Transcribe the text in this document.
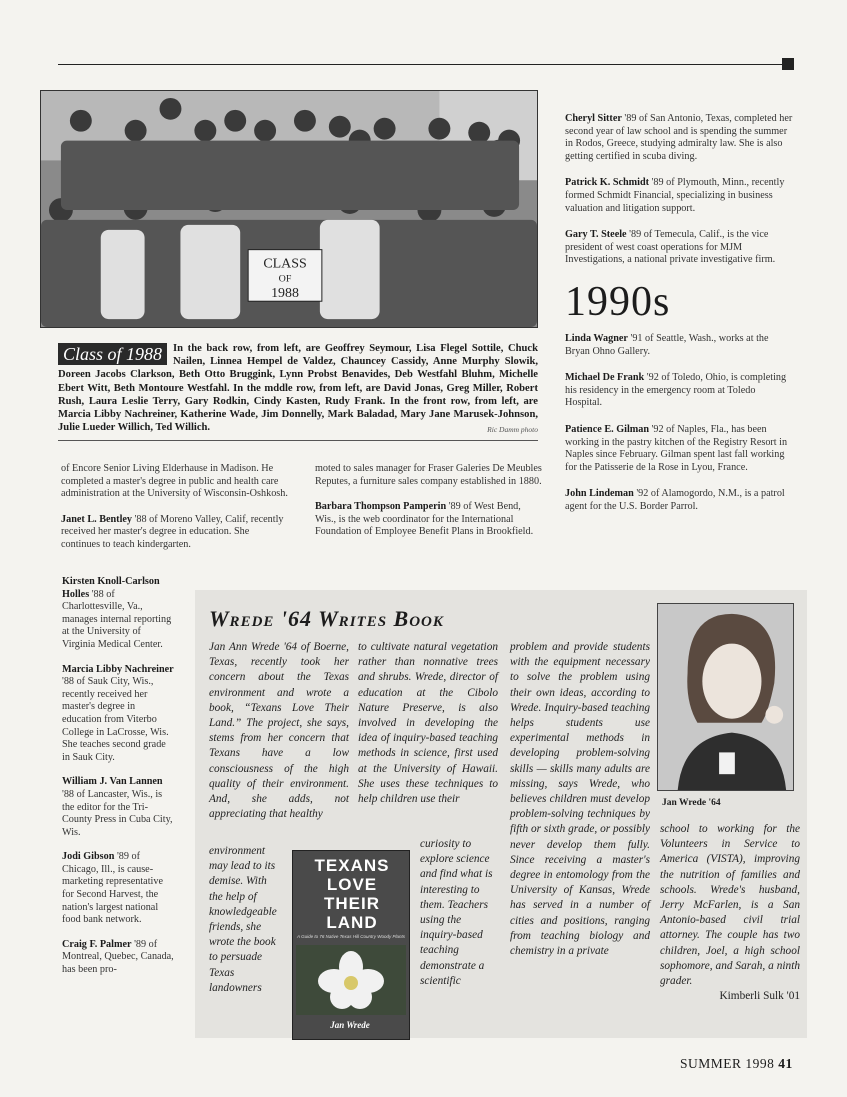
CLASS
OF
1988
Class of 1988	In the back row, from left, are Geoffrey Seymour, Lisa Flegel Sottile, Chuck Nailen, Linnea Hempel de Valdez, Chauncey Cassidy, Anne Murphy Slowik, Doreen Jacobs Clarkson, Beth Otto Bruggink, Lynn Probst Benavides, Deb Westfahl Bluhm, Michelle Ebert Witt, Beth Montoure Westfahl. In the mddle row, from left, are David Jonas, Greg Miller, Robert Rush, Laura Leslie Terry, Gary Rodkin, Cindy Kasten, Rudy Frank. In the front row, from left, are Marcia Libby Nachreiner, Katherine Wade, Jim Donnelly, Mark Baladad, Mary Jane Marusek-Johnson, Julie Lueder Willich, Ted Willich.	Ric Damm photo

Cheryl Sitter '89 of San Antonio, Texas, completed her second year of law school and is spending the summer in Rodos, Greece, studying admiralty law. She is also getting certified in scuba diving.

Patrick K. Schmidt '89 of Plymouth, Minn., recently formed Schmidt Financial, specializing in business valuation and litigation support.

Gary T. Steele '89 of Temecula, Calif., is the vice president of west coast operations for MJM Investigations, a national private investigative firm.

1990s

Linda Wagner '91 of Seattle, Wash., works at the Bryan Ohno Gallery.

Michael De Frank '92 of Toledo, Ohio, is completing his residency in the emergency room at Toledo Hospital.

Patience E. Gilman '92 of Naples, Fla., has been working in the pastry kitchen of the Registry Resort in Naples since February. Gilman spent last fall working for the Patisserie de la Rose in Lyou, France.

John Lindeman '92 of Alamogordo, N.M., is a patrol agent for the U.S. Border Parrol.

of Encore Senior Living Elderhause in Madison. He completed a master's degree in public and health care administration at the University of Wisconsin-Oshkosh.

Janet L. Bentley '88 of Moreno Valley, Calif, recently received her master's degree in education. She continues to teach kindergarten.

moted to sales manager for Fraser Galeries De Meubles Reputes, a furniture sales company established in 1880.

Barbara Thompson Pamperin '89 of West Bend, Wis., is the web coordinator for the International Foundation of Employee Benefit Plans in Brookfield.

Kirsten Knoll-Carlson Holles '88 of Charlottesville, Va., manages internal reporting at the University of Virginia Medical Center.

Marcia Libby Nachreiner '88 of Sauk City, Wis., recently received her master's degree in education from Viterbo College in LaCrosse, Wis. She teaches second grade in Sauk City.

William J. Van Lannen '88 of Lancaster, Wis., is the editor for the Tri-County Press in Cuba City, Wis.

Jodi Gibson '89 of Chicago, Ill., is cause-marketing representative for Second Harvest, the nation's largest national food bank network.

Craig F. Palmer '89 of Montreal, Quebec, Canada, has been pro-

Wrede '64 Writes Book

Jan Ann Wrede '64 of Boerne, Texas, recently took her concern about the Texas environment and wrote a book, “Texans Love Their Land.” The project, she says, stems from her concern that Texans have a low consciousness of the high quality of their environment. And, she adds, not appreciating that healthy

environment may lead to its demise. With the help of knowledgeable friends, she wrote the book to persuade Texas landowners

to cultivate natural vegetation rather than nonnative trees and shrubs. Wrede, director of education at the Cibolo Nature Preserve, is also involved in developing the idea of inquiry-based teaching methods in science, first used at the University of Hawaii. She uses these techniques to help children use their

curiosity to explore science and find what is interesting to them. Teachers using the inquiry-based teaching demonstrate a scientific

problem and provide students with the equipment necessary to solve the problem using their own ideas, according to Wrede. Inquiry-based teaching helps students use experimental methods in developing problem-solving skills — skills many adults are missing, says Wrede, who believes children must develop problem-solving techniques by fifth or sixth grade, or possibly never develop them fully. Since receiving a master's degree in entomology from the University of Kansas, Wrede has served in a number of cities and positions, ranging from teaching biology and chemistry in a private

school to working for the Volunteers in Service to America (VISTA), improving the nutrition of families and schools. Wrede's husband, Jerry McFarlen, is a San Antonio-based civil trial attorney. The couple has two children, Joel, a high school sophomore, and Sarah, a ninth grader.

Kimberli Sulk '01

Jan Wrede '64
TEXANS LOVE THEIR LAND
A Guide to 76 Native Texas Hill Country Woody Plants
Jan Wrede
SUMMER 1998 41
